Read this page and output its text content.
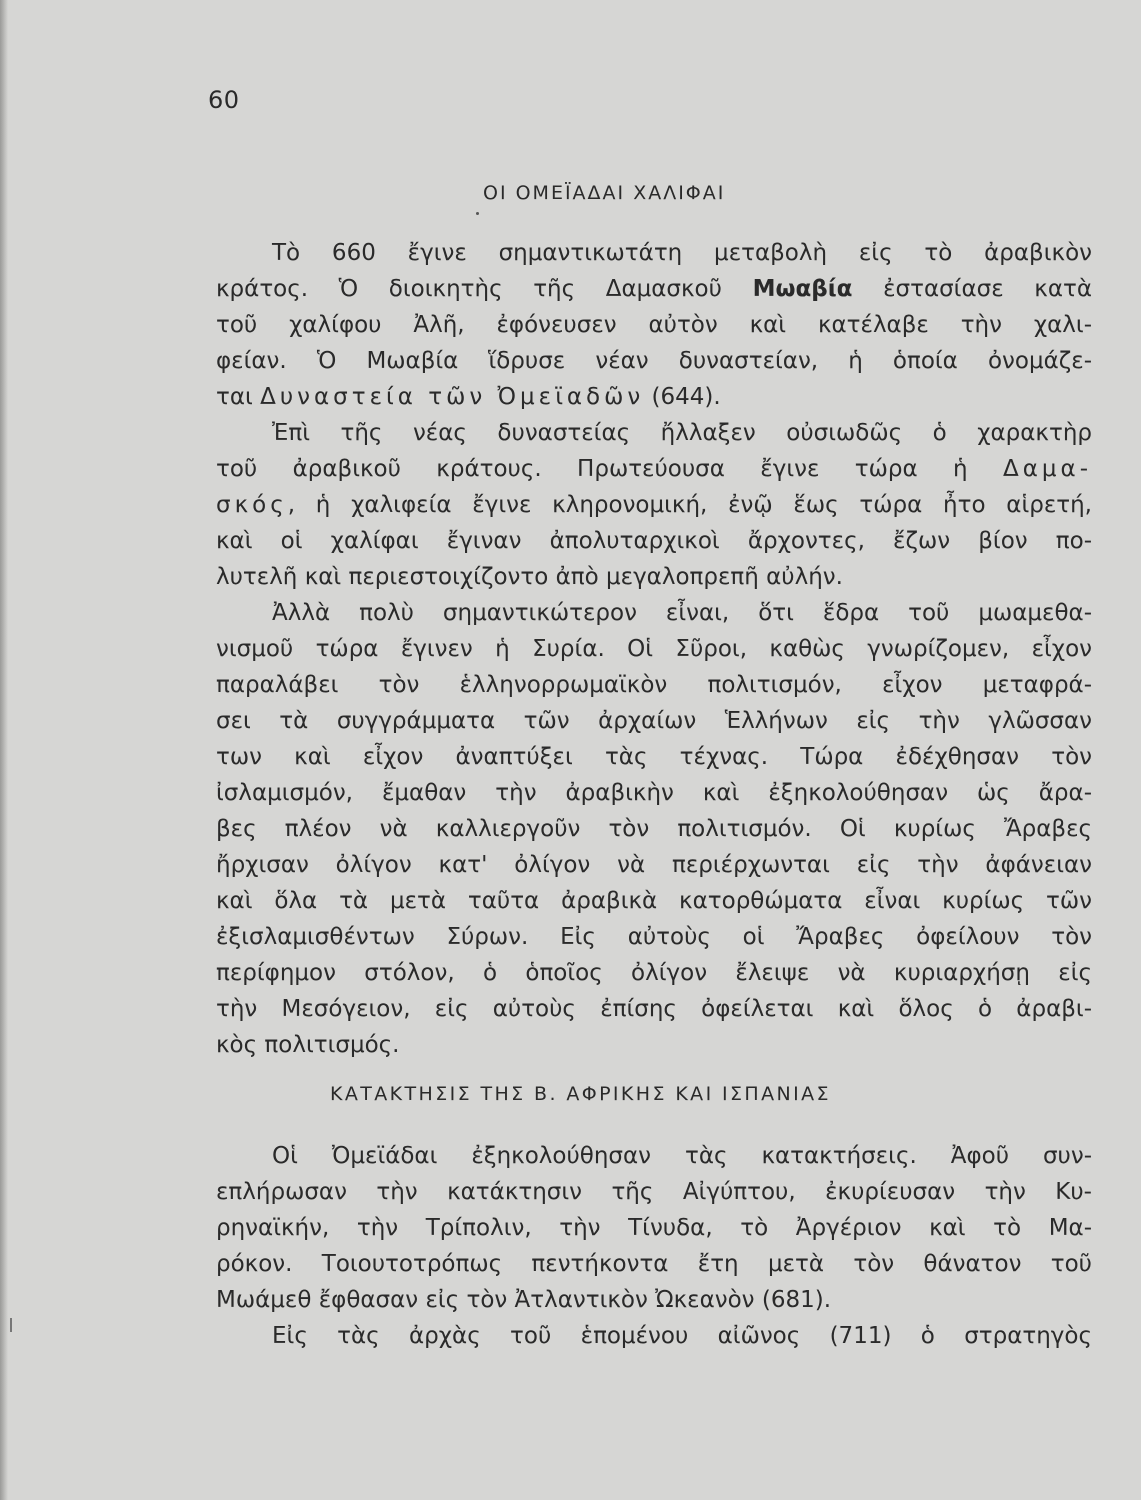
60
ΟΙ ΟΜΕΪΑΔΑΙ ΧΑΛΙΦΑΙ
Τὸ 660 ἔγινε σημαντικωτάτη μεταβολὴ εἰς τὸ ἀραβικὸν
κράτος. Ὁ διοικητὴς τῆς Δαμασκοῦ Μωαβία ἐστασίασε κατὰ
τοῦ χαλίφου Ἀλῆ, ἐφόνευσεν αὐτὸν καὶ κατέλαβε τὴν χαλι-
φείαν. Ὁ Μωαβία ἵδρυσε νέαν δυναστείαν, ἡ ὁποία ὀνομάζε-
ται Δυναστεία τῶν Ὀμεϊαδῶν (644).
Ἐπὶ τῆς νέας δυναστείας ἤλλαξεν οὐσιωδῶς ὁ χαρακτὴρ
τοῦ ἀραβικοῦ κράτους. Πρωτεύουσα ἔγινε τώρα ἡ Δαμα-
σκός, ἡ χαλιφεία ἔγινε κληρονομική, ἐνῷ ἕως τώρα ἦτο αἱρετή,
καὶ οἱ χαλίφαι ἔγιναν ἀπολυταρχικοὶ ἄρχοντες, ἔζων βίον πο-
λυτελῆ καὶ περιεστοιχίζοντο ἀπὸ μεγαλοπρεπῆ αὐλήν.
Ἀλλὰ πολὺ σημαντικώτερον εἶναι, ὅτι ἕδρα τοῦ μωαμεθα-
νισμοῦ τώρα ἔγινεν ἡ Συρία. Οἱ Σῦροι, καθὼς γνωρίζομεν, εἶχον
παραλάβει τὸν ἑλληνορρωμαϊκὸν πολιτισμόν, εἶχον μεταφρά-
σει τὰ συγγράμματα τῶν ἀρχαίων Ἑλλήνων εἰς τὴν γλῶσσαν
των καὶ εἶχον ἀναπτύξει τὰς τέχνας. Τώρα ἐδέχθησαν τὸν
ἰσλαμισμόν, ἔμαθαν τὴν ἀραβικὴν καὶ ἐξηκολούθησαν ὡς ἄρα-
βες πλέον νὰ καλλιεργοῦν τὸν πολιτισμόν. Οἱ κυρίως Ἄραβες
ἤρχισαν ὀλίγον κατ' ὀλίγον νὰ περιέρχωνται εἰς τὴν ἀφάνειαν
καὶ ὅλα τὰ μετὰ ταῦτα ἀραβικὰ κατορθώματα εἶναι κυρίως τῶν
ἐξισλαμισθέντων Σύρων. Εἰς αὐτοὺς οἱ Ἄραβες ὀφείλουν τὸν
περίφημον στόλον, ὁ ὁποῖος ὀλίγον ἔλειψε νὰ κυριαρχήσῃ εἰς
τὴν Μεσόγειον, εἰς αὐτοὺς ἐπίσης ὀφείλεται καὶ ὅλος ὁ ἀραβι-
κὸς πολιτισμός.
ΚΑΤΑΚΤΗΣΙΣ ΤΗΣ Β. ΑΦΡΙΚΗΣ ΚΑΙ ΙΣΠΑΝΙΑΣ
Οἱ Ὀμεϊάδαι ἐξηκολούθησαν τὰς κατακτήσεις. Ἀφοῦ συν-
επλήρωσαν τὴν κατάκτησιν τῆς Αἰγύπτου, ἐκυρίευσαν τὴν Κυ-
ρηναϊκήν, τὴν Τρίπολιν, τὴν Τίνυδα, τὸ Ἀργέριον καὶ τὸ Μα-
ρόκον. Τοιουτοτρόπως πεντήκοντα ἔτη μετὰ τὸν θάνατον τοῦ
Μωάμεθ ἔφθασαν εἰς τὸν Ἀτλαντικὸν Ὠκεανὸν (681).
Εἰς τὰς ἀρχὰς τοῦ ἑπομένου αἰῶνος (711) ὁ στρατηγὸς
